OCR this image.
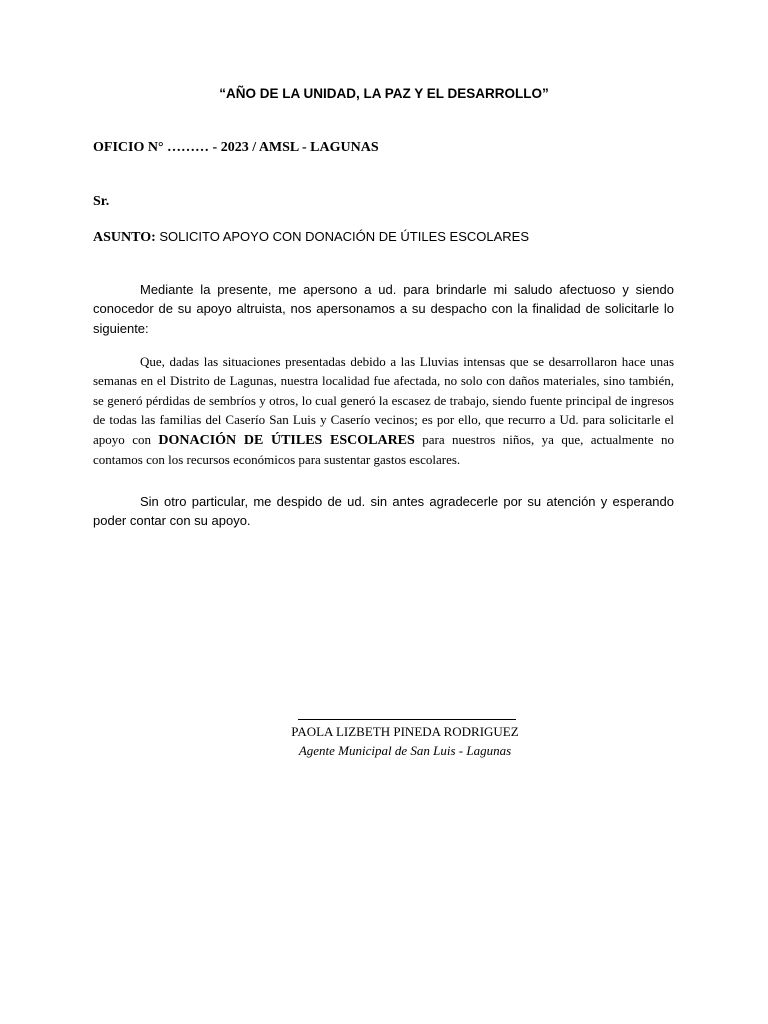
“AÑO DE LA UNIDAD, LA PAZ Y EL DESARROLLO”
OFICIO N° ……… - 2023 / AMSL - LAGUNAS
Sr.
ASUNTO: SOLICITO APOYO CON DONACIÓN DE ÚTILES ESCOLARES
Mediante la presente, me apersono a ud. para brindarle mi saludo afectuoso y siendo conocedor de su apoyo altruista, nos apersonamos a su despacho con la finalidad de solicitarle lo siguiente:
Que, dadas las situaciones presentadas debido a las Lluvias intensas que se desarrollaron hace unas semanas en el Distrito de Lagunas, nuestra localidad fue afectada, no solo con daños materiales, sino también, se generó pérdidas de sembríos y otros, lo cual generó la escasez de trabajo, siendo fuente principal de ingresos de todas las familias del Caserío San Luis y Caserío vecinos; es por ello, que recurro a Ud. para solicitarle el apoyo con DONACIÓN DE ÚTILES ESCOLARES para nuestros niños, ya que, actualmente no contamos con los recursos económicos para sustentar gastos escolares.
Sin otro particular, me despido de ud. sin antes agradecerle por su atención y esperando poder contar con su apoyo.
PAOLA LIZBETH PINEDA RODRIGUEZ
Agente Municipal de San Luis - Lagunas
